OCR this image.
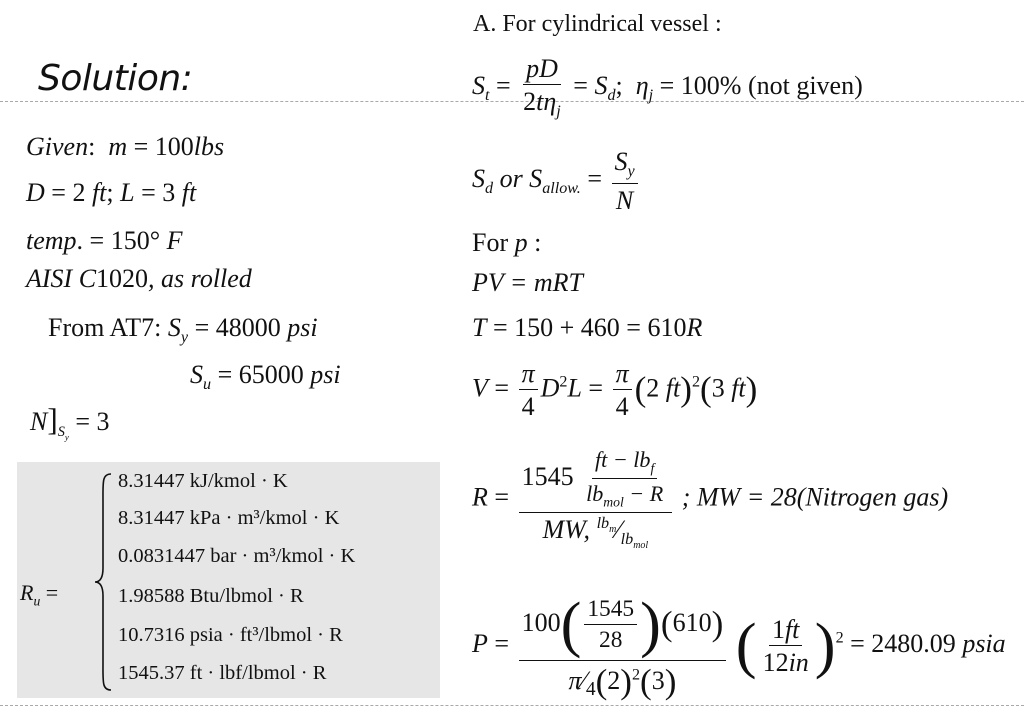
Solution:
Given:  m = 100lbs
D = 2 ft; L = 3 ft
temp. = 150° F
AISI C1020, as rolled
From AT7: $S_y = 48000$ psi
$S_u = 65000$ psi
$N]_{S_y} = 3$
$R_u$ =
8.31447 kJ/kmol · K
8.31447 kPa · m³/kmol · K
0.0831447 bar · m³/kmol · K
1.98588 Btu/lbmol · R
10.7316 psia · ft³/lbmol · R
1545.37 ft · lbf/lbmol · R
A. For cylindrical vessel :
$S_t = \frac{pD}{2t\eta_j} = S_d$;  $\eta_j = 100\%$ (not given)
$S_d$ or $S_{allow.} = \frac{S_y}{N}$
For p :
PV = mRT
T = 150 + 460 = 610R
$V = \frac{\pi}{4} D^2L = \frac{\pi}{4} (2$ ft)$^2$(3 ft)
$R = \frac{1545 \frac{ft - lb_f}{lb_{mol} - R}}{MW, ^{lb_m}⁄_{lb_{mol}}}$ ; MW = 28(Nitrogen gas)
$P = \frac{100( \frac{1545}{28} )(610)}{\pi⁄_4(2)^2(3)}$ ( $\frac{1ft}{12in} )^2 = 2480.09$ psia
